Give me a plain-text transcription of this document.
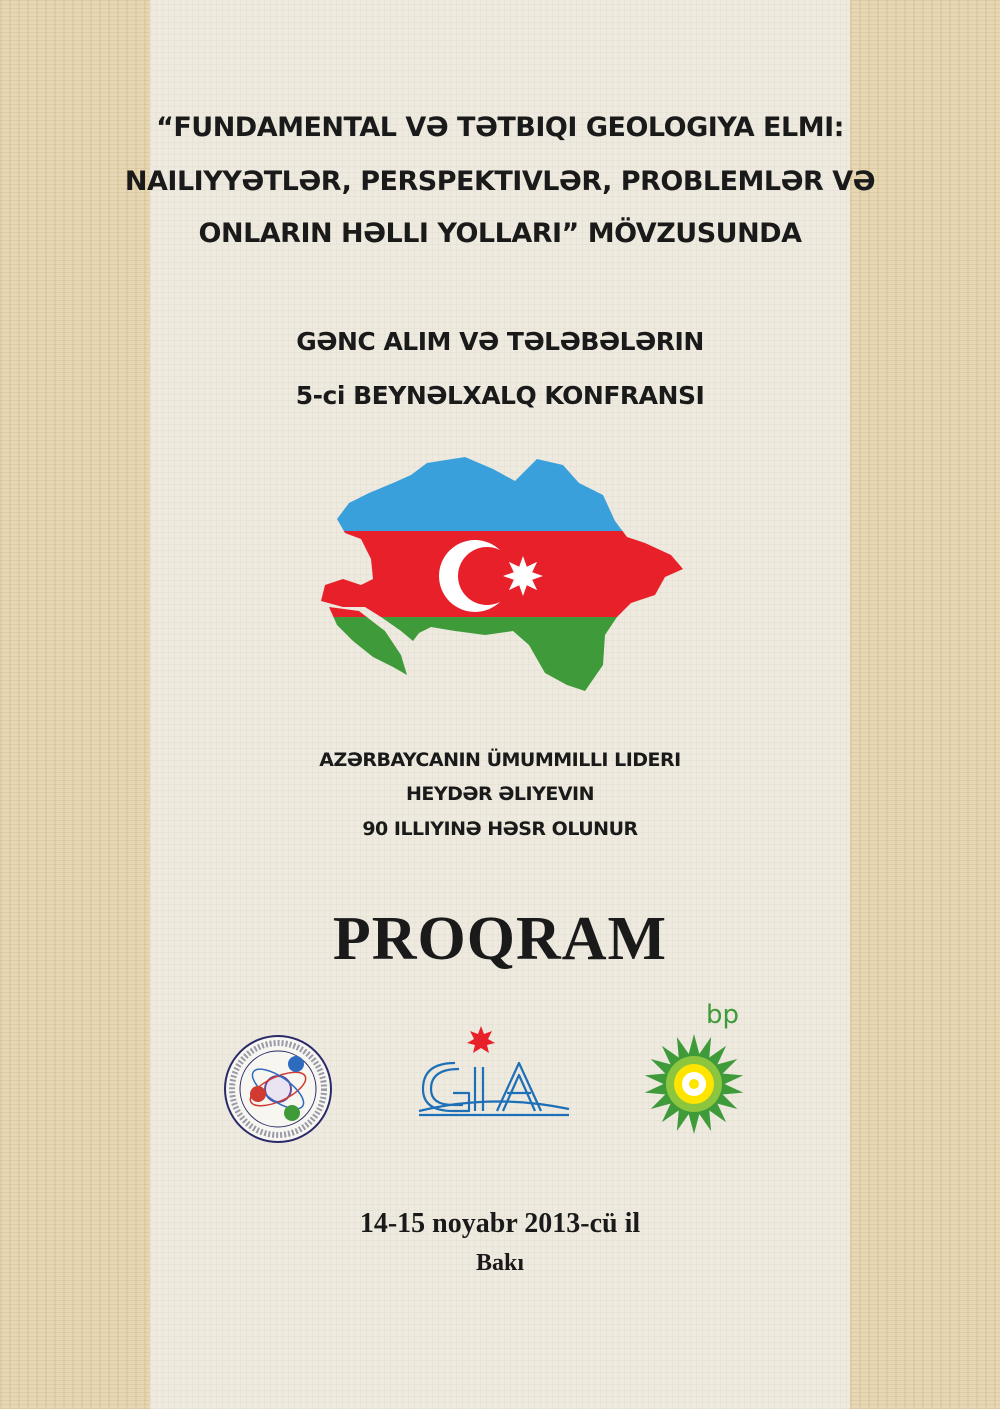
“FUNDAMENTAL VƏ TƏTBIQI GEOLOGIYA ELMI:
NAILIYYƏTLƏR, PERSPEKTIVLƏR, PROBLEMLƏR VƏ
ONLARIN HƏLLI YOLLARI” MÖVZUSUNDA
GƏNC ALIM VƏ TƏLƏBƏLƏRIN
5-ci BEYNƏLXALQ KONFRANSI
AZƏRBAYCANIN ÜMUMMILLI LIDERI
HEYDƏR ƏLIYEVIN
90 ILLIYINƏ HƏSR OLUNUR
PROQRAM
bp
14-15 noyabr 2013-cü il
Bakı
